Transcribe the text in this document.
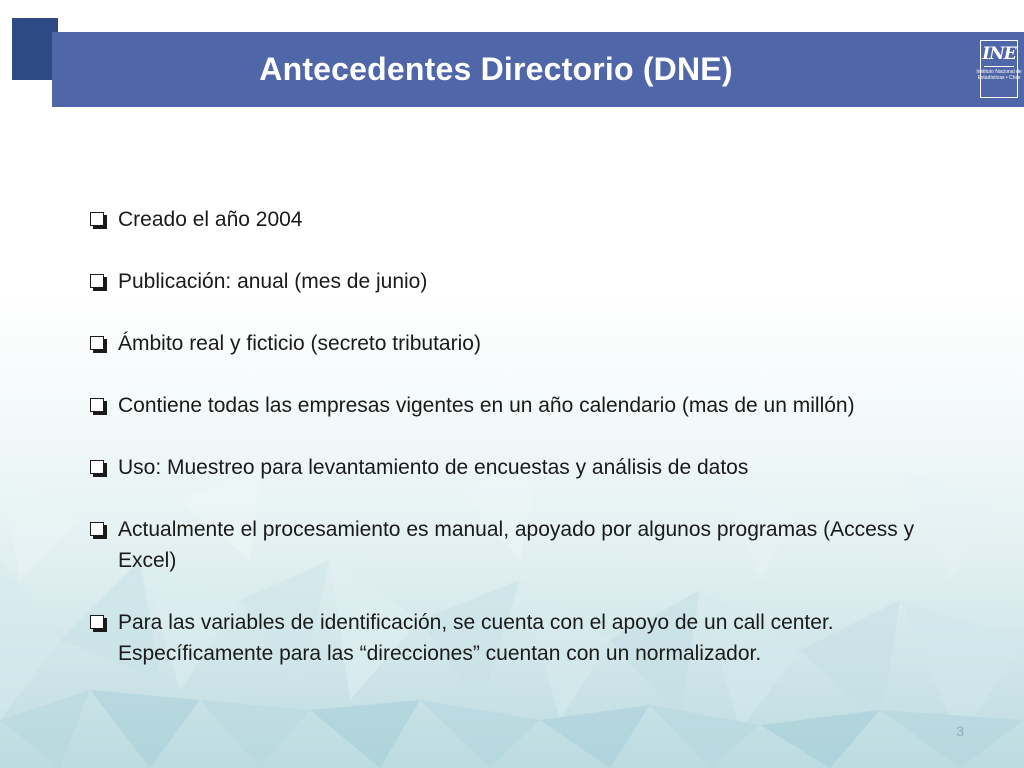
Antecedentes Directorio (DNE)	INE
Instituto Nacional de
Estadísticas • Chile
Creado el año 2004
Publicación: anual (mes de junio)
Ámbito real y ficticio (secreto tributario)
Contiene todas las empresas vigentes en un año calendario (mas de un millón)
Uso: Muestreo para levantamiento de encuestas y análisis de datos
Actualmente el procesamiento es manual, apoyado por algunos programas (Access y Excel)
Para las variables de identificación, se cuenta con el apoyo de un call center. Específicamente para las “direcciones” cuentan con un normalizador.
3
